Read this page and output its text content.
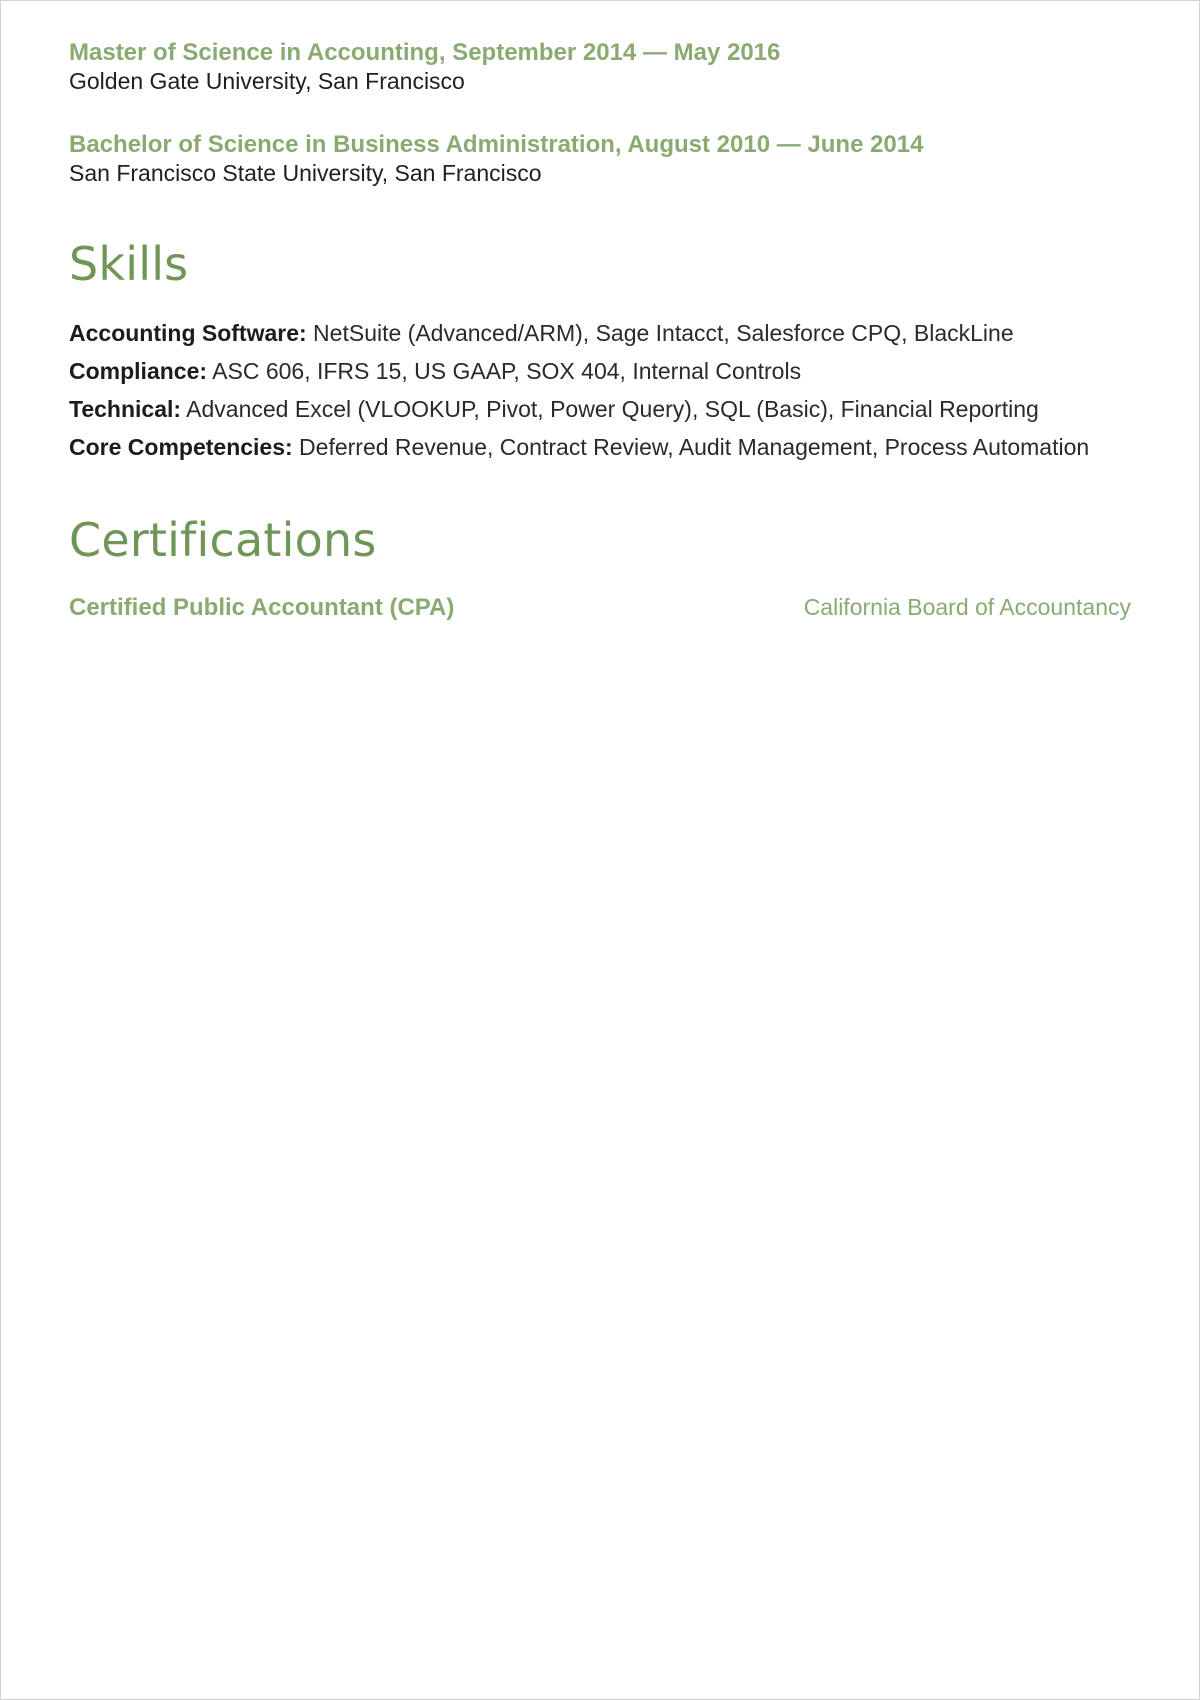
Master of Science in Accounting, September 2014 — May 2016
Golden Gate University, San Francisco
Bachelor of Science in Business Administration, August 2010 — June 2014
San Francisco State University, San Francisco
Skills
Accounting Software: NetSuite (Advanced/ARM), Sage Intacct, Salesforce CPQ, BlackLine
Compliance: ASC 606, IFRS 15, US GAAP, SOX 404, Internal Controls
Technical: Advanced Excel (VLOOKUP, Pivot, Power Query), SQL (Basic), Financial Reporting
Core Competencies: Deferred Revenue, Contract Review, Audit Management, Process Automation
Certifications
Certified Public Accountant (CPA)	California Board of Accountancy
